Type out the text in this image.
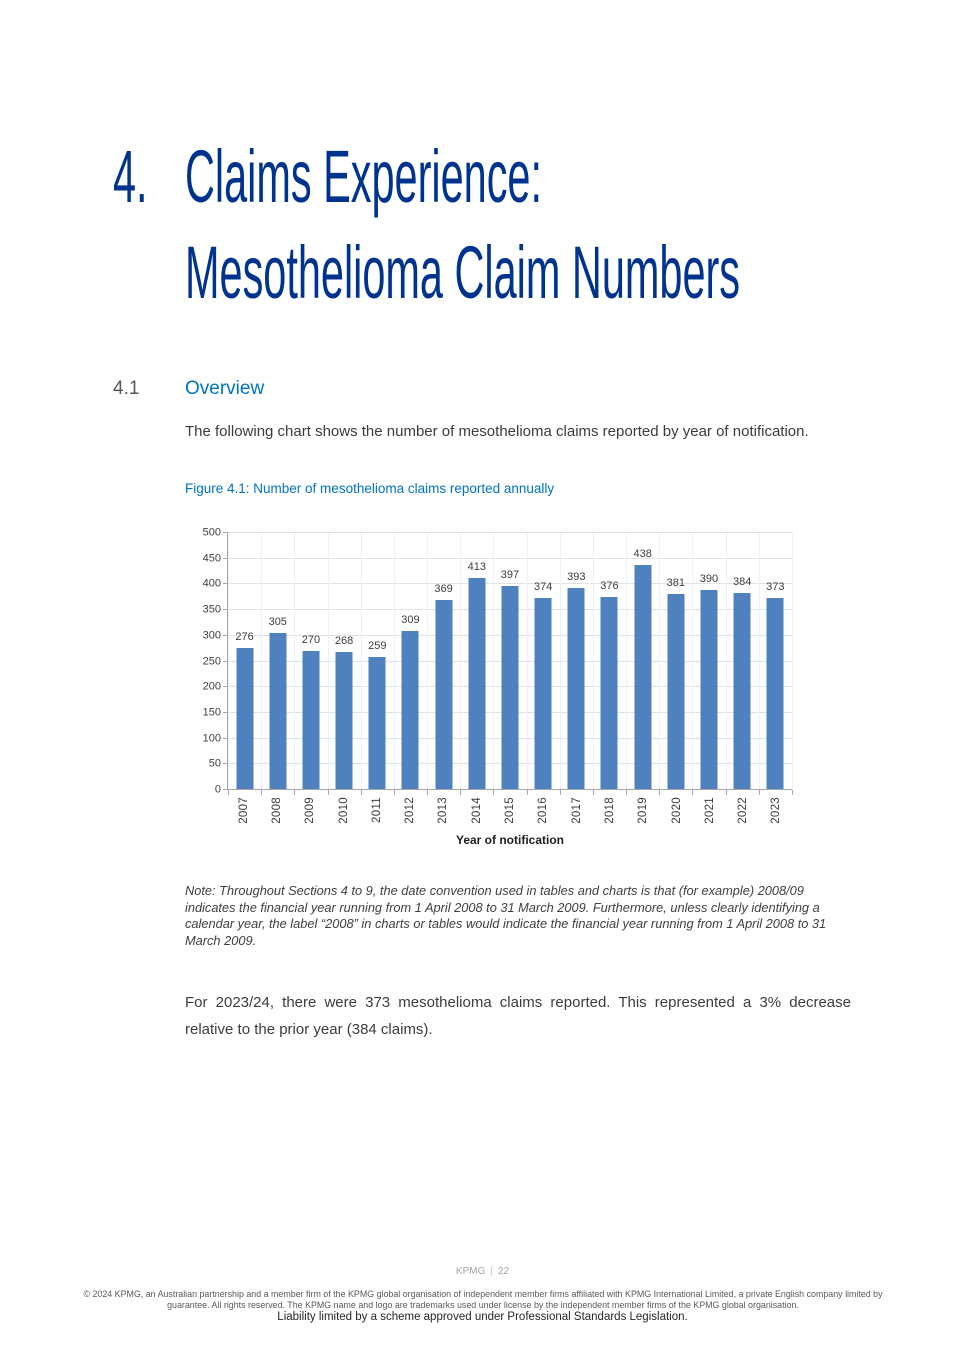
4. Claims Experience:
Mesothelioma Claim Numbers
4.1 Overview
The following chart shows the number of mesothelioma claims reported by year of notification.
Figure 4.1: Number of mesothelioma claims reported annually
0
50
100
150
200
250
300
350
400
450
500
276
305
270 268 259
309
369
413
397
374
393
376
438
381 390 384 373
2007 2008 2009 2010 2011 2012 2013 2014 2015 2016 2017 2018 2019 2020 2021 2022 2023
Year of notification
Note: Throughout Sections 4 to 9, the date convention used in tables and charts is that (for example) 2008/09 indicates the financial year running from 1 April 2008 to 31 March 2009. Furthermore, unless clearly identifying a calendar year, the label “2008” in charts or tables would indicate the financial year running from 1 April 2008 to 31 March 2009.
For 2023/24, there were 373 mesothelioma claims reported. This represented a 3% decrease relative to the prior year (384 claims).
KPMG | 22
© 2024 KPMG, an Australian partnership and a member firm of the KPMG global organisation of independent member firms affiliated with KPMG International Limited, a private English company limited by guarantee. All rights reserved. The KPMG name and logo are trademarks used under license by the independent member firms of the KPMG global organisation.
Liability limited by a scheme approved under Professional Standards Legislation.
